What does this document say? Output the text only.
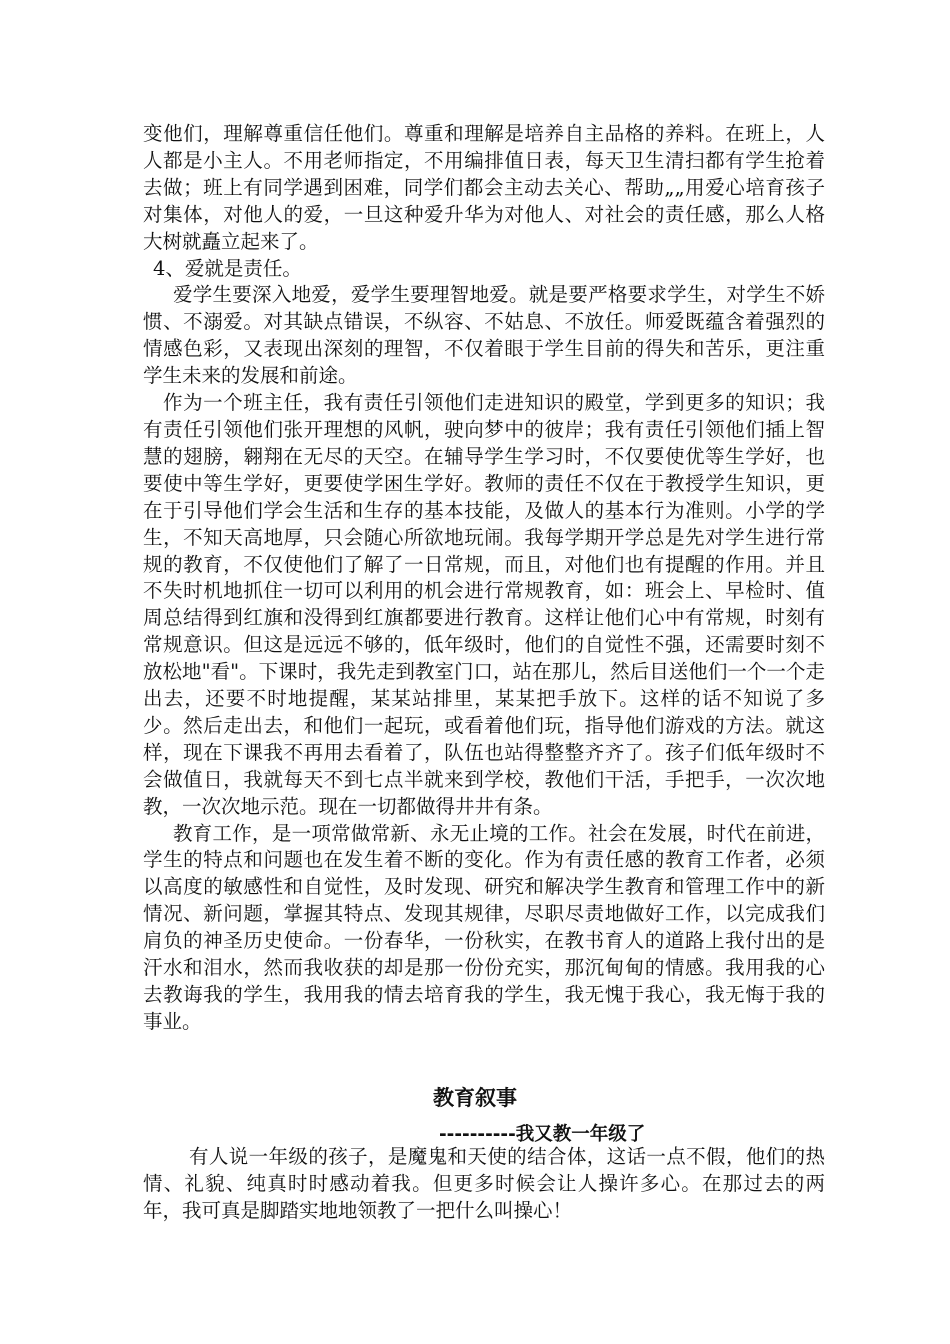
变他们，理解尊重信任他们。尊重和理解是培养自主品格的养料。在班上，人人都是小主人。不用老师指定，不用编排值日表，每天卫生清扫都有学生抢着去做；班上有同学遇到困难，同学们都会主动去关心、帮助„„用爱心培育孩子对集体，对他人的爱，一旦这种爱升华为对他人、对社会的责任感，那么人格大树就矗立起来了。

4、爱就是责任。

爱学生要深入地爱，爱学生要理智地爱。就是要严格要求学生，对学生不娇惯、不溺爱。对其缺点错误，不纵容、不姑息、不放任。师爱既蕴含着强烈的情感色彩，又表现出深刻的理智，不仅着眼于学生目前的得失和苦乐，更注重学生未来的发展和前途。

作为一个班主任，我有责任引领他们走进知识的殿堂，学到更多的知识；我有责任引领他们张开理想的风帆，驶向梦中的彼岸；我有责任引领他们插上智慧的翅膀，翱翔在无尽的天空。在辅导学生学习时，不仅要使优等生学好，也要使中等生学好，更要使学困生学好。教师的责任不仅在于教授学生知识，更在于引导他们学会生活和生存的基本技能，及做人的基本行为准则。小学的学生，不知天高地厚，只会随心所欲地玩闹。我每学期开学总是先对学生进行常规的教育，不仅使他们了解了一日常规，而且，对他们也有提醒的作用。并且不失时机地抓住一切可以利用的机会进行常规教育，如：班会上、早检时、值周总结得到红旗和没得到红旗都要进行教育。这样让他们心中有常规，时刻有常规意识。但这是远远不够的，低年级时，他们的自觉性不强，还需要时刻不放松地"看"。下课时，我先走到教室门口，站在那儿，然后目送他们一个一个走出去，还要不时地提醒，某某站排里，某某把手放下。这样的话不知说了多少。然后走出去，和他们一起玩，或看着他们玩，指导他们游戏的方法。就这样，现在下课我不再用去看着了，队伍也站得整整齐齐了。孩子们低年级时不会做值日，我就每天不到七点半就来到学校，教他们干活，手把手，一次次地教，一次次地示范。现在一切都做得井井有条。

教育工作，是一项常做常新、永无止境的工作。社会在发展，时代在前进，学生的特点和问题也在发生着不断的变化。作为有责任感的教育工作者，必须以高度的敏感性和自觉性，及时发现、研究和解决学生教育和管理工作中的新情况、新问题，掌握其特点、发现其规律，尽职尽责地做好工作，以完成我们肩负的神圣历史使命。一份春华，一份秋实，在教书育人的道路上我付出的是汗水和泪水，然而我收获的却是那一份份充实，那沉甸甸的情感。我用我的心去教诲我的学生，我用我的情去培育我的学生，我无愧于我心，我无悔于我的事业。

教育叙事
----------我又教一年级了

有人说一年级的孩子，是魔鬼和天使的结合体，这话一点不假，他们的热情、礼貌、纯真时时感动着我。但更多时候会让人操许多心。在那过去的两年，我可真是脚踏实地地领教了一把什么叫操心！
